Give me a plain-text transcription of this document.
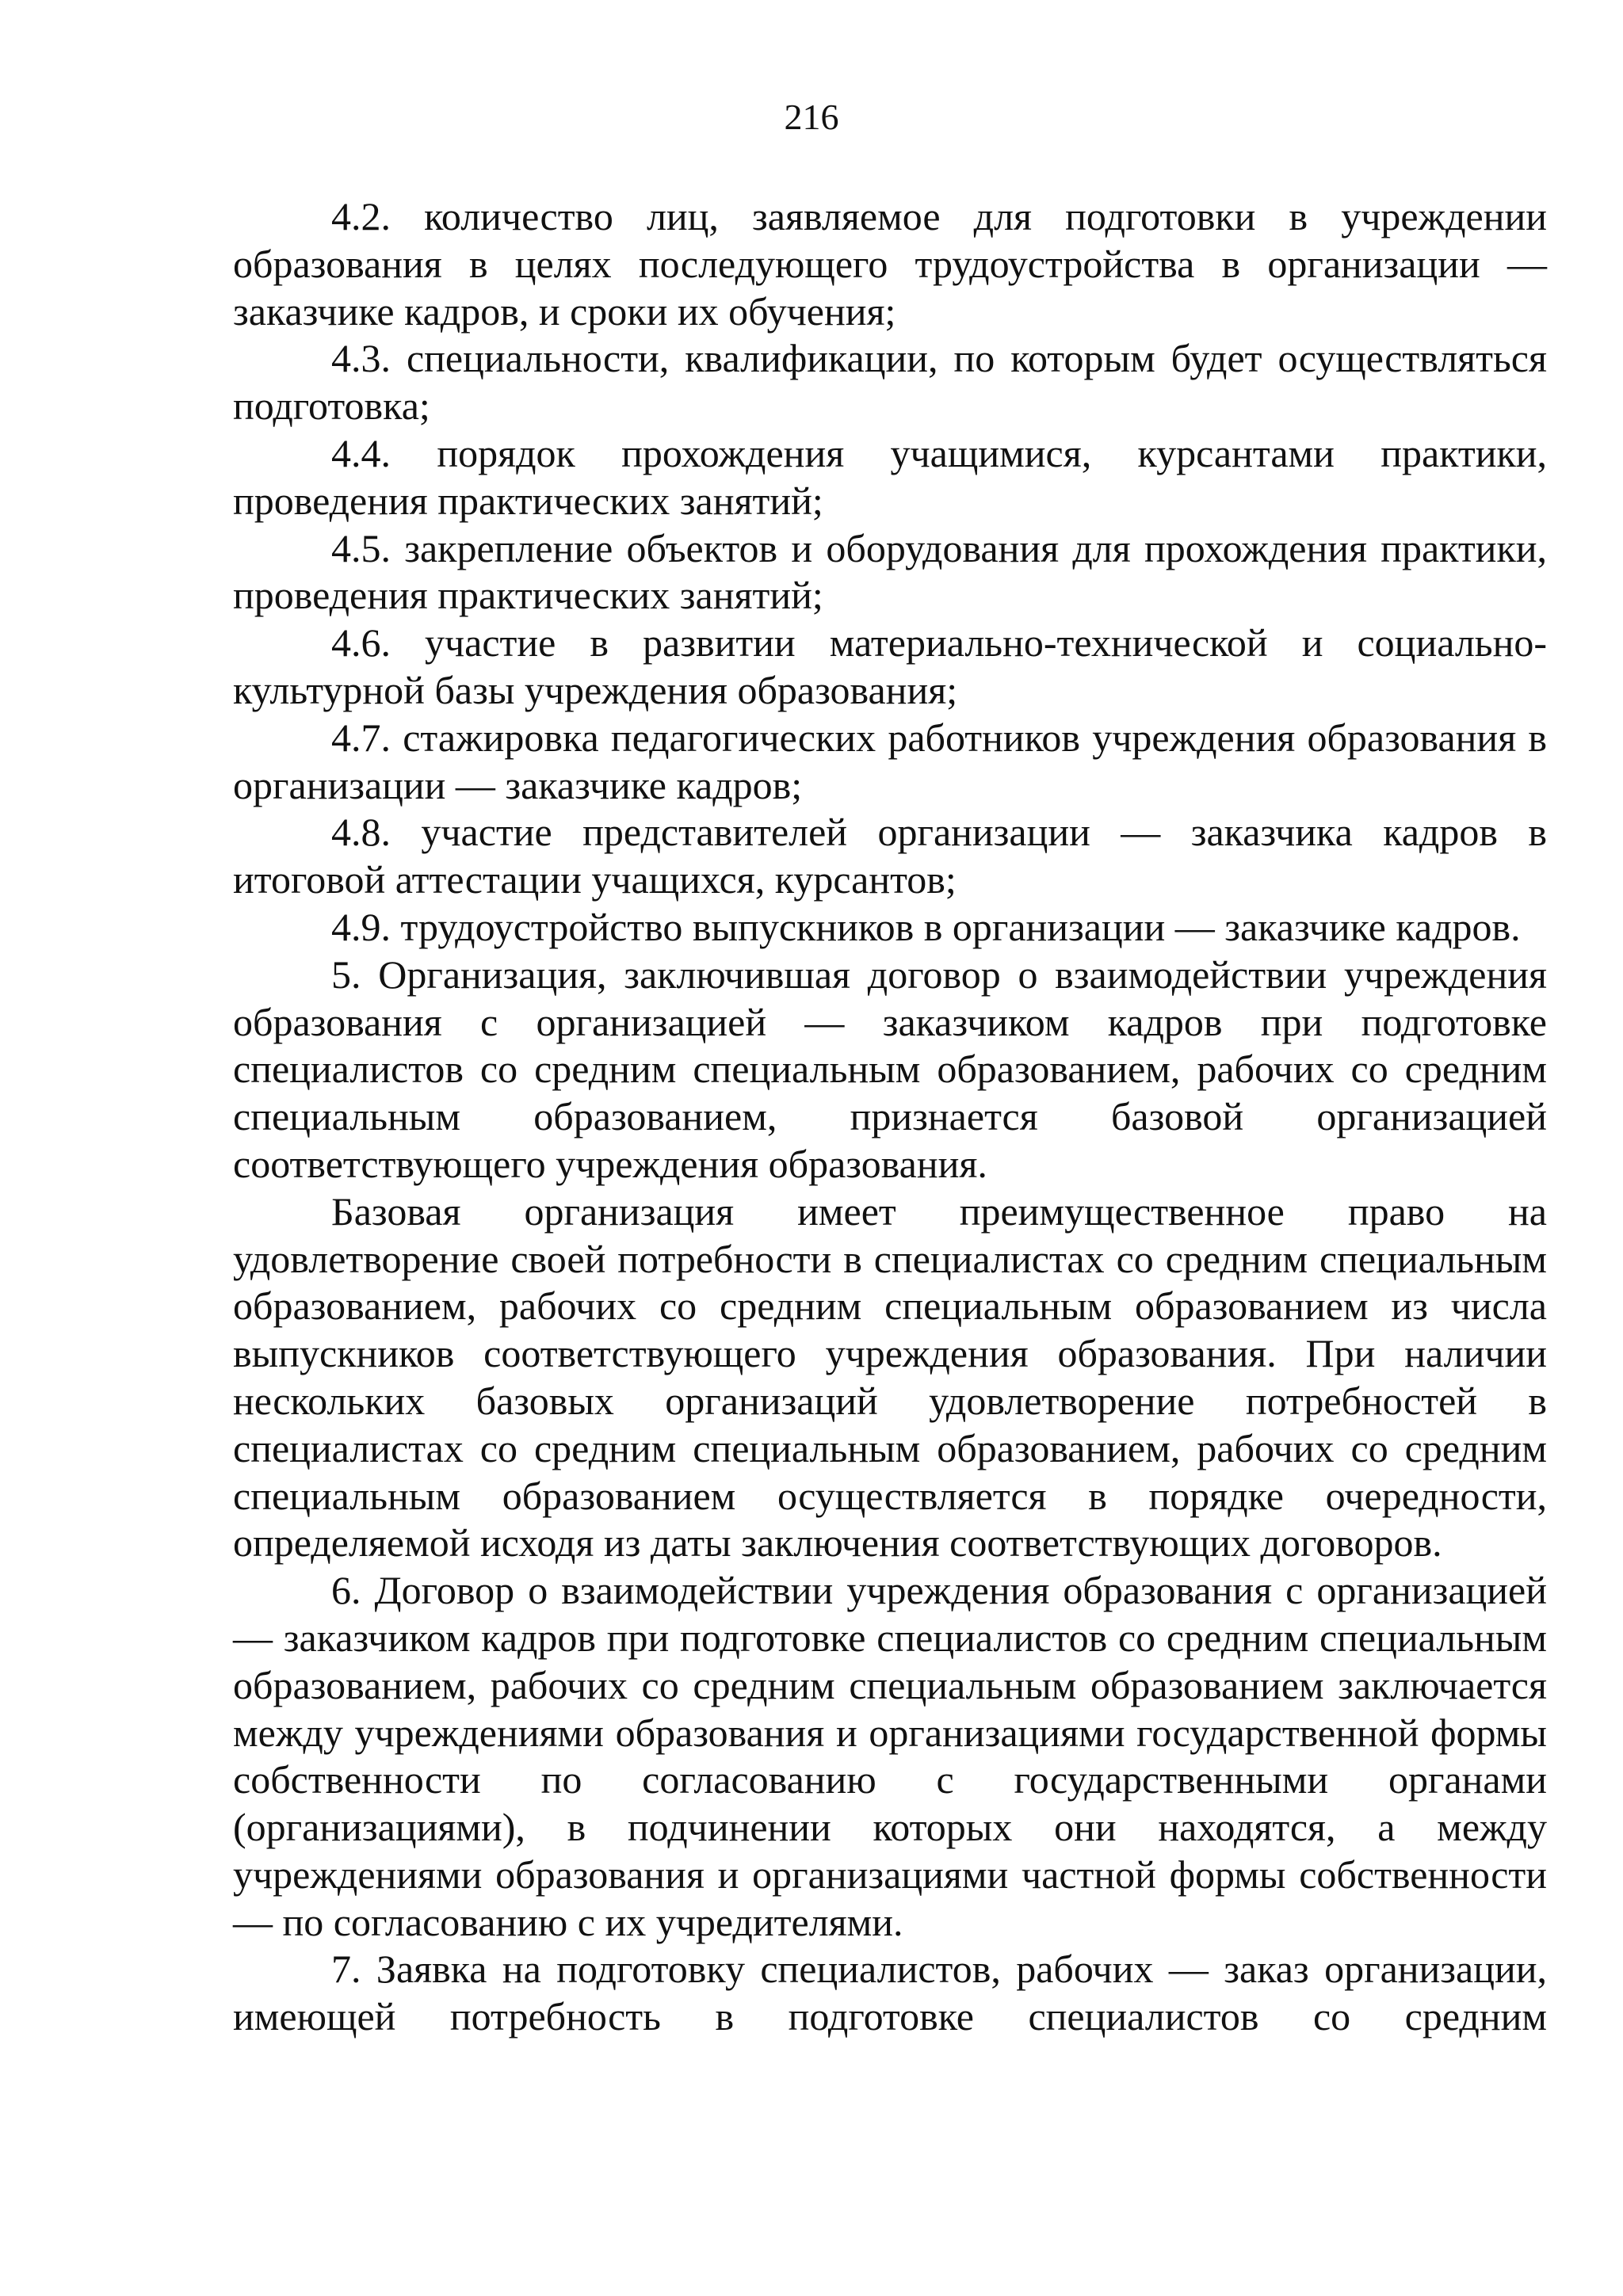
216

4.2. количество лиц, заявляемое для подготовки в учреждении образования в целях последующего трудоустройства в организации — заказчике кадров, и сроки их обучения;

4.3. специальности, квалификации, по которым будет осуществляться подготовка;

4.4. порядок прохождения учащимися, курсантами практики, проведения практических занятий;

4.5. закрепление объектов и оборудования для прохождения практики, проведения практических занятий;

4.6. участие в развитии материально-технической и социально-культурной базы учреждения образования;

4.7. стажировка педагогических работников учреждения образования в организации — заказчике кадров;

4.8. участие представителей организации — заказчика кадров в итоговой аттестации учащихся, курсантов;

4.9. трудоустройство выпускников в организации — заказчике кадров.

5. Организация, заключившая договор о взаимодействии учреждения образования с организацией — заказчиком кадров при подготовке специалистов со средним специальным образованием, рабочих со средним специальным образованием, признается базовой организацией соответствующего учреждения образования.

Базовая организация имеет преимущественное право на удовлетворение своей потребности в специалистах со средним специальным образованием, рабочих со средним специальным образованием из числа выпускников соответствующего учреждения образования. При наличии нескольких базовых организаций удовлетворение потребностей в специалистах со средним специальным образованием, рабочих со средним специальным образованием осуществляется в порядке очередности, определяемой исходя из даты заключения соответствующих договоров.

6. Договор о взаимодействии учреждения образования с организацией — заказчиком кадров при подготовке специалистов со средним специальным образованием, рабочих со средним специальным образованием заключается между учреждениями образования и организациями государственной формы собственности по согласованию с государственными органами (организациями), в подчинении которых они находятся, а между учреждениями образования и организациями частной формы собственности — по согласованию с их учредителями.

7. Заявка на подготовку специалистов, рабочих — заказ организации, имеющей потребность в подготовке специалистов со средним
